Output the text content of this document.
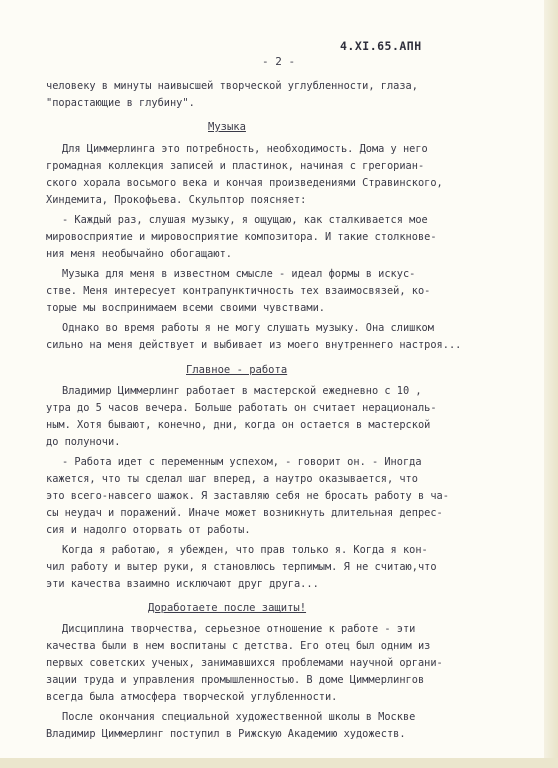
4.XI.65.АПН
- 2 -
человеку в минуты наивысшей творческой углубленности, глаза,
"порастающие в глубину".
Музыка
Для Циммерлинга это потребность, необходимость. Дома у него
громадная коллекция записей и пластинок, начиная с грегориан-
ского хорала восьмого века и кончая произведениями Стравинского,
Хиндемита, Прокофьева. Скульптор поясняет:
- Каждый раз, слушая музыку, я ощущаю, как сталкивается мое
мировосприятие и мировосприятие композитора. И такие столкнове-
ния меня необычайно обогащают.
Музыка для меня в известном смысле - идеал формы в искус-
стве. Меня интересует контрапунктичность тех взаимосвязей, ко-
торые мы воспринимаем всеми своими чувствами.
Однако во время работы я не могу слушать музыку. Она слишком
сильно на меня действует и выбивает из моего внутреннего настроя...
Главное - работа
Владимир Циммерлинг работает в мастерской ежедневно с 10 ,
утра до 5 часов вечера. Больше работать он считает нерациональ-
ным. Хотя бывают, конечно, дни, когда он остается в мастерской
до полуночи.
- Работа идет с переменным успехом, - говорит он. - Иногда
кажется, что ты сделал шаг вперед, а наутро оказывается, что
это всего-навсего шажок. Я заставляю себя не бросать работу в ча-
сы неудач и поражений. Иначе может возникнуть длительная депрес-
сия и надолго оторвать от работы.
Когда я работаю, я убежден, что прав только я. Когда я кон-
чил работу и вытер руки, я становлюсь терпимым. Я не считаю,что
эти качества взаимно исключают друг друга...
Доработаете после защиты!
Дисциплина творчества, серьезное отношение к работе - эти
качества были в нем воспитаны с детства. Его отец был одним из
первых советских ученых, занимавшихся проблемами научной органи-
зации труда и управления промышленностью. В доме Циммерлингов
всегда была атмосфера творческой углубленности.
После окончания специальной художественной школы в Москве
Владимир Циммерлинг поступил в Рижскую Академию художеств.
